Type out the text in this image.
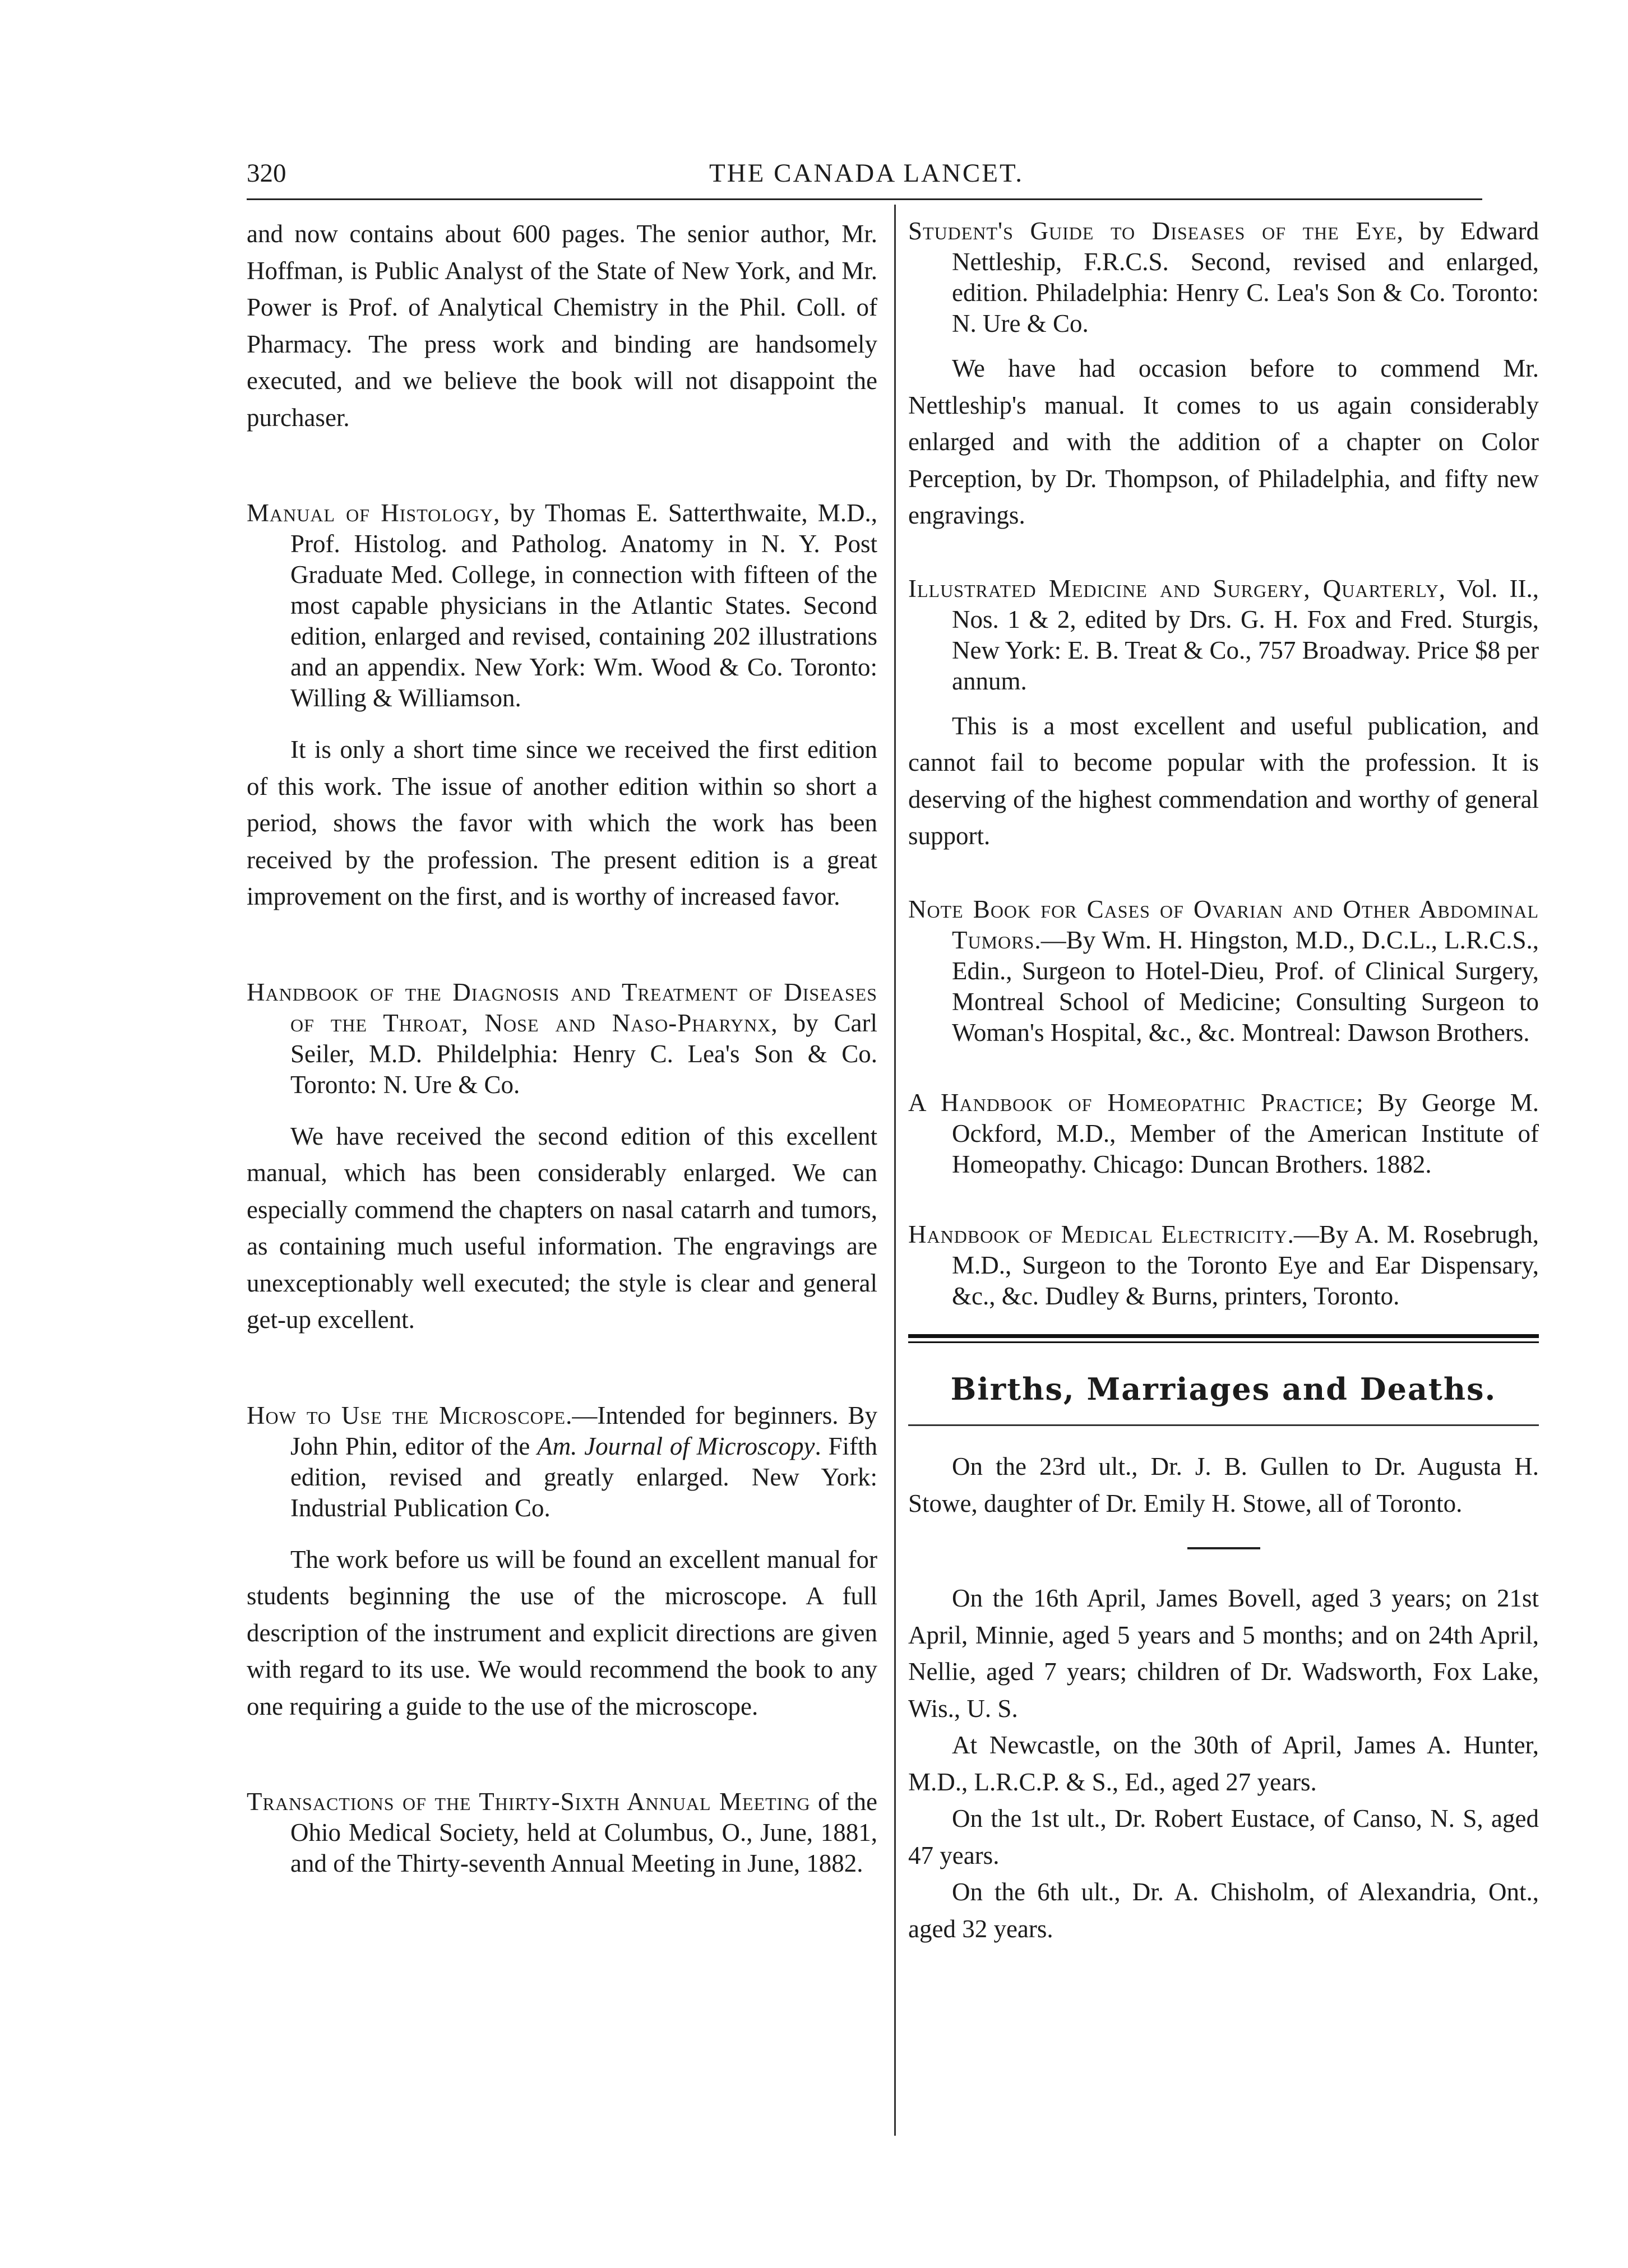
320	THE CANADA LANCET.

and now contains about 600 pages. The senior author, Mr. Hoffman, is Public Analyst of the State of New York, and Mr. Power is Prof. of Analytical Chemistry in the Phil. Coll. of Pharmacy. The press work and binding are handsomely executed, and we believe the book will not disappoint the purchaser.

Manual of Histology, by Thomas E. Satterthwaite, M.D., Prof. Histolog. and Patholog. Anatomy in N. Y. Post Graduate Med. College, in connection with fifteen of the most capable physicians in the Atlantic States. Second edition, enlarged and revised, containing 202 illustrations and an appendix. New York: Wm. Wood & Co. Toronto: Willing & Williamson.

It is only a short time since we received the first edition of this work. The issue of another edition within so short a period, shows the favor with which the work has been received by the profession. The present edition is a great improvement on the first, and is worthy of increased favor.

Handbook of the Diagnosis and Treatment of Diseases of the Throat, Nose and Naso-Pharynx, by Carl Seiler, M.D. Phildelphia: Henry C. Lea's Son & Co. Toronto: N. Ure & Co.

We have received the second edition of this excellent manual, which has been considerably enlarged. We can especially commend the chapters on nasal catarrh and tumors, as containing much useful information. The engravings are unexceptionably well executed; the style is clear and general get-up excellent.

How to Use the Microscope.—Intended for beginners. By John Phin, editor of the Am. Journal of Microscopy. Fifth edition, revised and greatly enlarged. New York: Industrial Publication Co.

The work before us will be found an excellent manual for students beginning the use of the microscope. A full description of the instrument and explicit directions are given with regard to its use. We would recommend the book to any one requiring a guide to the use of the microscope.

Transactions of the Thirty-Sixth Annual Meeting of the Ohio Medical Society, held at Columbus, O., June, 1881, and of the Thirty-seventh Annual Meeting in June, 1882.

Student's Guide to Diseases of the Eye, by Edward Nettleship, F.R.C.S. Second, revised and enlarged, edition. Philadelphia: Henry C. Lea's Son & Co. Toronto: N. Ure & Co.

We have had occasion before to commend Mr. Nettleship's manual. It comes to us again considerably enlarged and with the addition of a chapter on Color Perception, by Dr. Thompson, of Philadelphia, and fifty new engravings.

Illustrated Medicine and Surgery, Quarterly, Vol. II., Nos. 1 & 2, edited by Drs. G. H. Fox and Fred. Sturgis, New York: E. B. Treat & Co., 757 Broadway. Price $8 per annum.

This is a most excellent and useful publication, and cannot fail to become popular with the profession. It is deserving of the highest commendation and worthy of general support.

Note Book for Cases of Ovarian and Other Abdominal Tumors.—By Wm. H. Hingston, M.D., D.C.L., L.R.C.S., Edin., Surgeon to Hotel-Dieu, Prof. of Clinical Surgery, Montreal School of Medicine; Consulting Surgeon to Woman's Hospital, &c., &c. Montreal: Dawson Brothers.

A Handbook of Homeopathic Practice; By George M. Ockford, M.D., Member of the American Institute of Homeopathy. Chicago: Duncan Brothers. 1882.

Handbook of Medical Electricity.—By A. M. Rosebrugh, M.D., Surgeon to the Toronto Eye and Ear Dispensary, &c., &c. Dudley & Burns, printers, Toronto.

Births, Marriages and Deaths.

On the 23rd ult., Dr. J. B. Gullen to Dr. Augusta H. Stowe, daughter of Dr. Emily H. Stowe, all of Toronto.

On the 16th April, James Bovell, aged 3 years; on 21st April, Minnie, aged 5 years and 5 months; and on 24th April, Nellie, aged 7 years; children of Dr. Wadsworth, Fox Lake, Wis., U. S.

At Newcastle, on the 30th of April, James A. Hunter, M.D., L.R.C.P. & S., Ed., aged 27 years.

On the 1st ult., Dr. Robert Eustace, of Canso, N. S, aged 47 years.

On the 6th ult., Dr. A. Chisholm, of Alexandria, Ont., aged 32 years.
